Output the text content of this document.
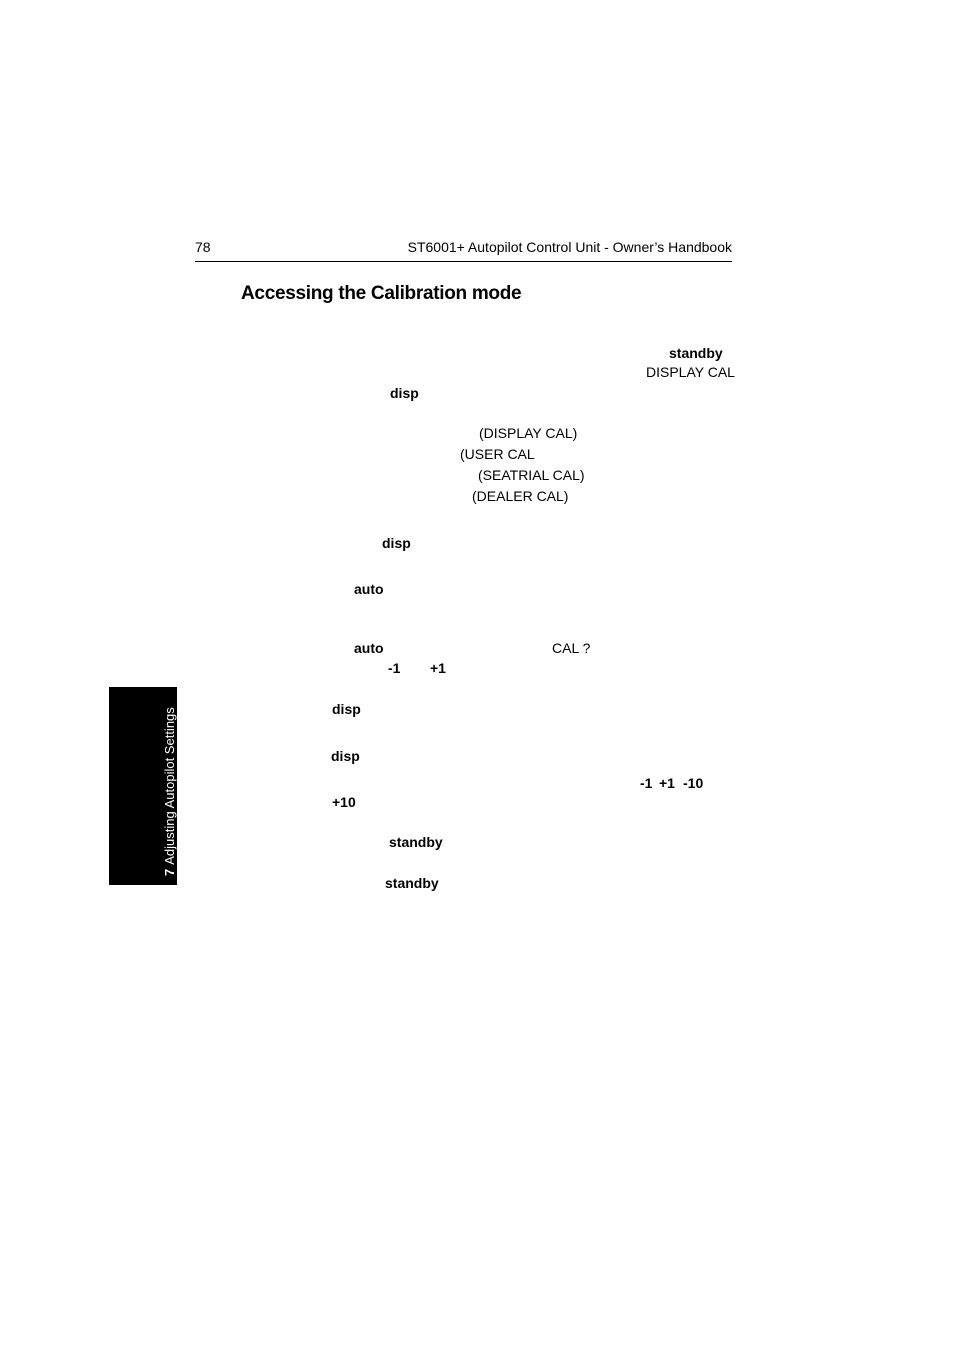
78	ST6001+ Autopilot Control Unit - Owner’s Handbook
Accessing the Calibration mode
standby
DISPLAY CAL
disp
(DISPLAY CAL)
(USER CAL
(SEATRIAL CAL)
(DEALER CAL)
disp
auto
auto	CAL ?
-1 +1
disp
disp
-1 +1 -10
+10
standby
standby
7Adjusting Autopilot Settings
